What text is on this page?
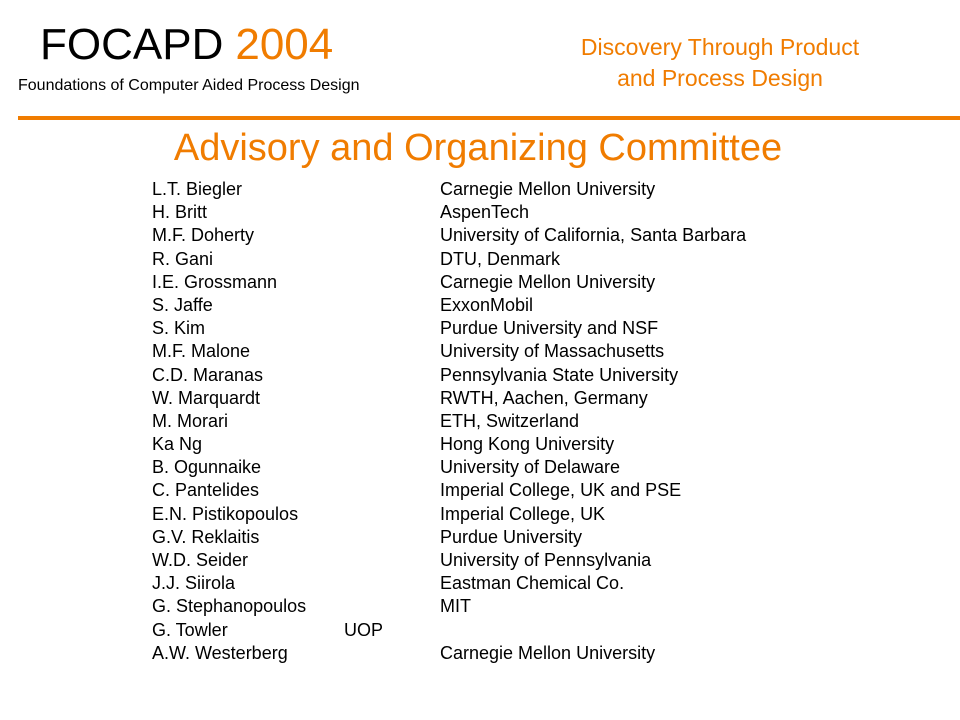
FOCAPD 2004
Foundations of Computer Aided Process Design
Discovery Through Product
and Process Design
Advisory and Organizing Committee
L.T. Biegler	Carnegie Mellon University
H. Britt	AspenTech
M.F. Doherty	University of California, Santa Barbara
R. Gani	DTU, Denmark
I.E. Grossmann	Carnegie Mellon University
S. Jaffe	ExxonMobil
S. Kim	Purdue University and NSF
M.F. Malone	University of Massachusetts
C.D. Maranas	Pennsylvania State University
W. Marquardt	RWTH, Aachen, Germany
M. Morari	ETH, Switzerland
Ka Ng	Hong Kong University
B. Ogunnaike	University of Delaware
C. Pantelides	Imperial College, UK and PSE
E.N. Pistikopoulos	Imperial College, UK
G.V. Reklaitis	Purdue University
W.D. Seider	University of Pennsylvania
J.J. Siirola	Eastman Chemical Co.
G. Stephanopoulos	MIT
G. Towler	UOP
A.W. Westerberg	Carnegie Mellon University
